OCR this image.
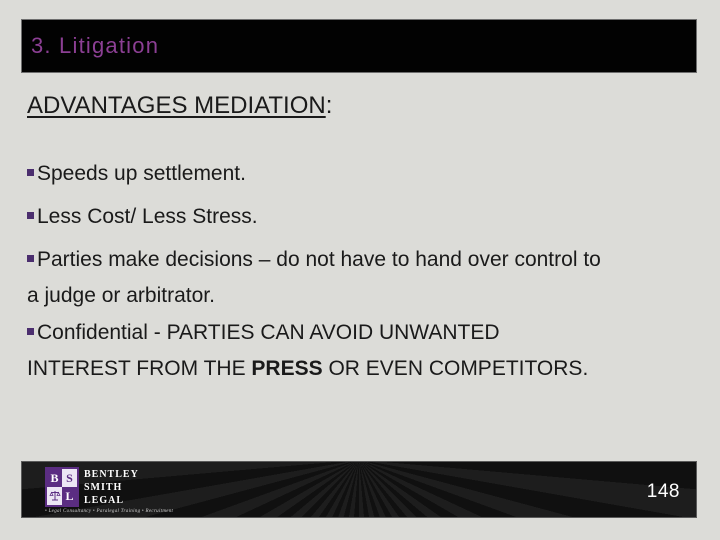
3. Litigation
ADVANTAGES MEDIATION:
Speeds up settlement.
Less Cost/ Less Stress.
Parties make decisions – do not have to hand over control to
a judge or arbitrator.
Confidential - PARTIES CAN AVOID UNWANTED
INTEREST FROM THE PRESS OR EVEN COMPETITORS.
B S
L
BENTLEY
SMITH
LEGAL
• Legal Consultancy • Paralegal Training • Recruitment
148
